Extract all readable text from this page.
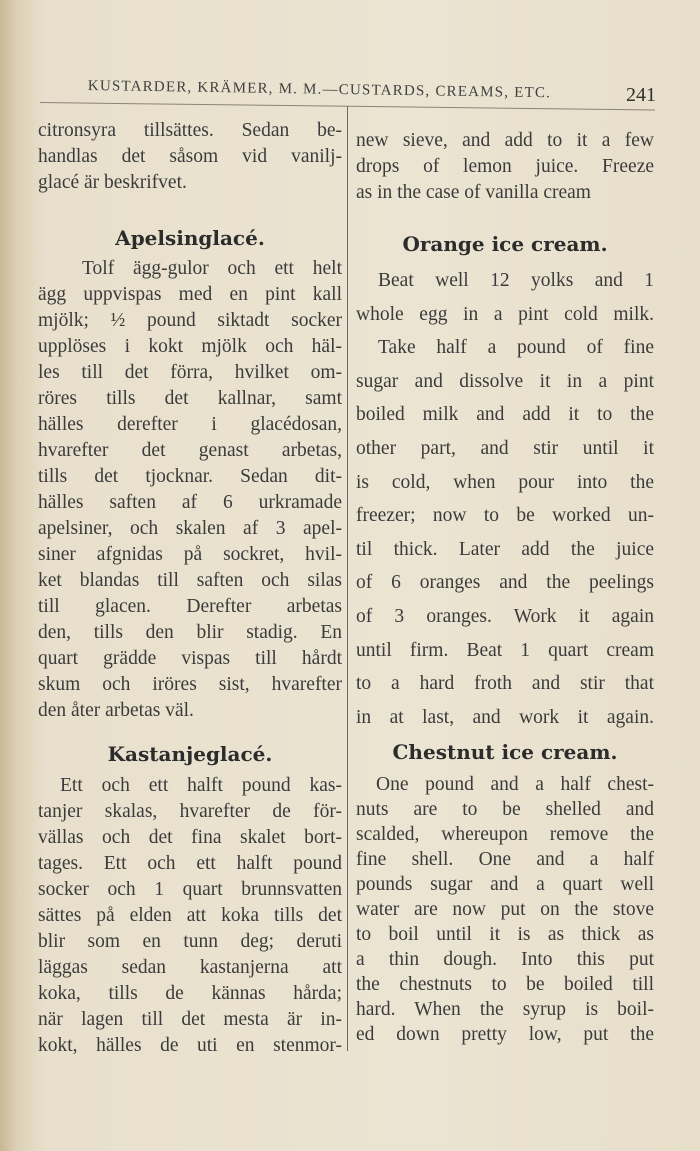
KUSTARDER, KRÄMER, M. M.—CUSTARDS, CREAMS, ETC.	241
citronsyra tillsättes. Sedan be-
handlas det såsom vid vanilj-
glacé är beskrifvet.
Apelsinglacé.
Tolf ägg-gulor och ett helt
ägg uppvispas med en pint kall
mjölk; ½ pound siktadt socker
upplöses i kokt mjölk och häl-
les till det förra, hvilket om-
röres tills det kallnar, samt
hälles derefter i glacédosan,
hvarefter det genast arbetas,
tills det tjocknar. Sedan dit-
hälles saften af 6 urkramade
apelsiner, och skalen af 3 apel-
siner afgnidas på sockret, hvil-
ket blandas till saften och silas
till glacen. Derefter arbetas
den, tills den blir stadig. En
quart grädde vispas till hårdt
skum och iröres sist, hvarefter
den åter arbetas väl.
Kastanjeglacé.
Ett och ett halft pound kas-
tanjer skalas, hvarefter de för-
vällas och det fina skalet bort-
tages. Ett och ett halft pound
socker och 1 quart brunnsvatten
sättes på elden att koka tills det
blir som en tunn deg; deruti
läggas sedan kastanjerna att
koka, tills de kännas hårda;
när lagen till det mesta är in-
kokt, hälles de uti en stenmor-
new sieve, and add to it a few
drops of lemon juice. Freeze
as in the case of vanilla cream
Orange ice cream.
Beat well 12 yolks and 1
whole egg in a pint cold milk.
Take half a pound of fine
sugar and dissolve it in a pint
boiled milk and add it to the
other part, and stir until it
is cold, when pour into the
freezer; now to be worked un-
til thick. Later add the juice
of 6 oranges and the peelings
of 3 oranges. Work it again
until firm. Beat 1 quart cream
to a hard froth and stir that
in at last, and work it again.
Chestnut ice cream.
One pound and a half chest-
nuts are to be shelled and
scalded, whereupon remove the
fine shell. One and a half
pounds sugar and a quart well
water are now put on the stove
to boil until it is as thick as
a thin dough. Into this put
the chestnuts to be boiled till
hard. When the syrup is boil-
ed down pretty low, put the
